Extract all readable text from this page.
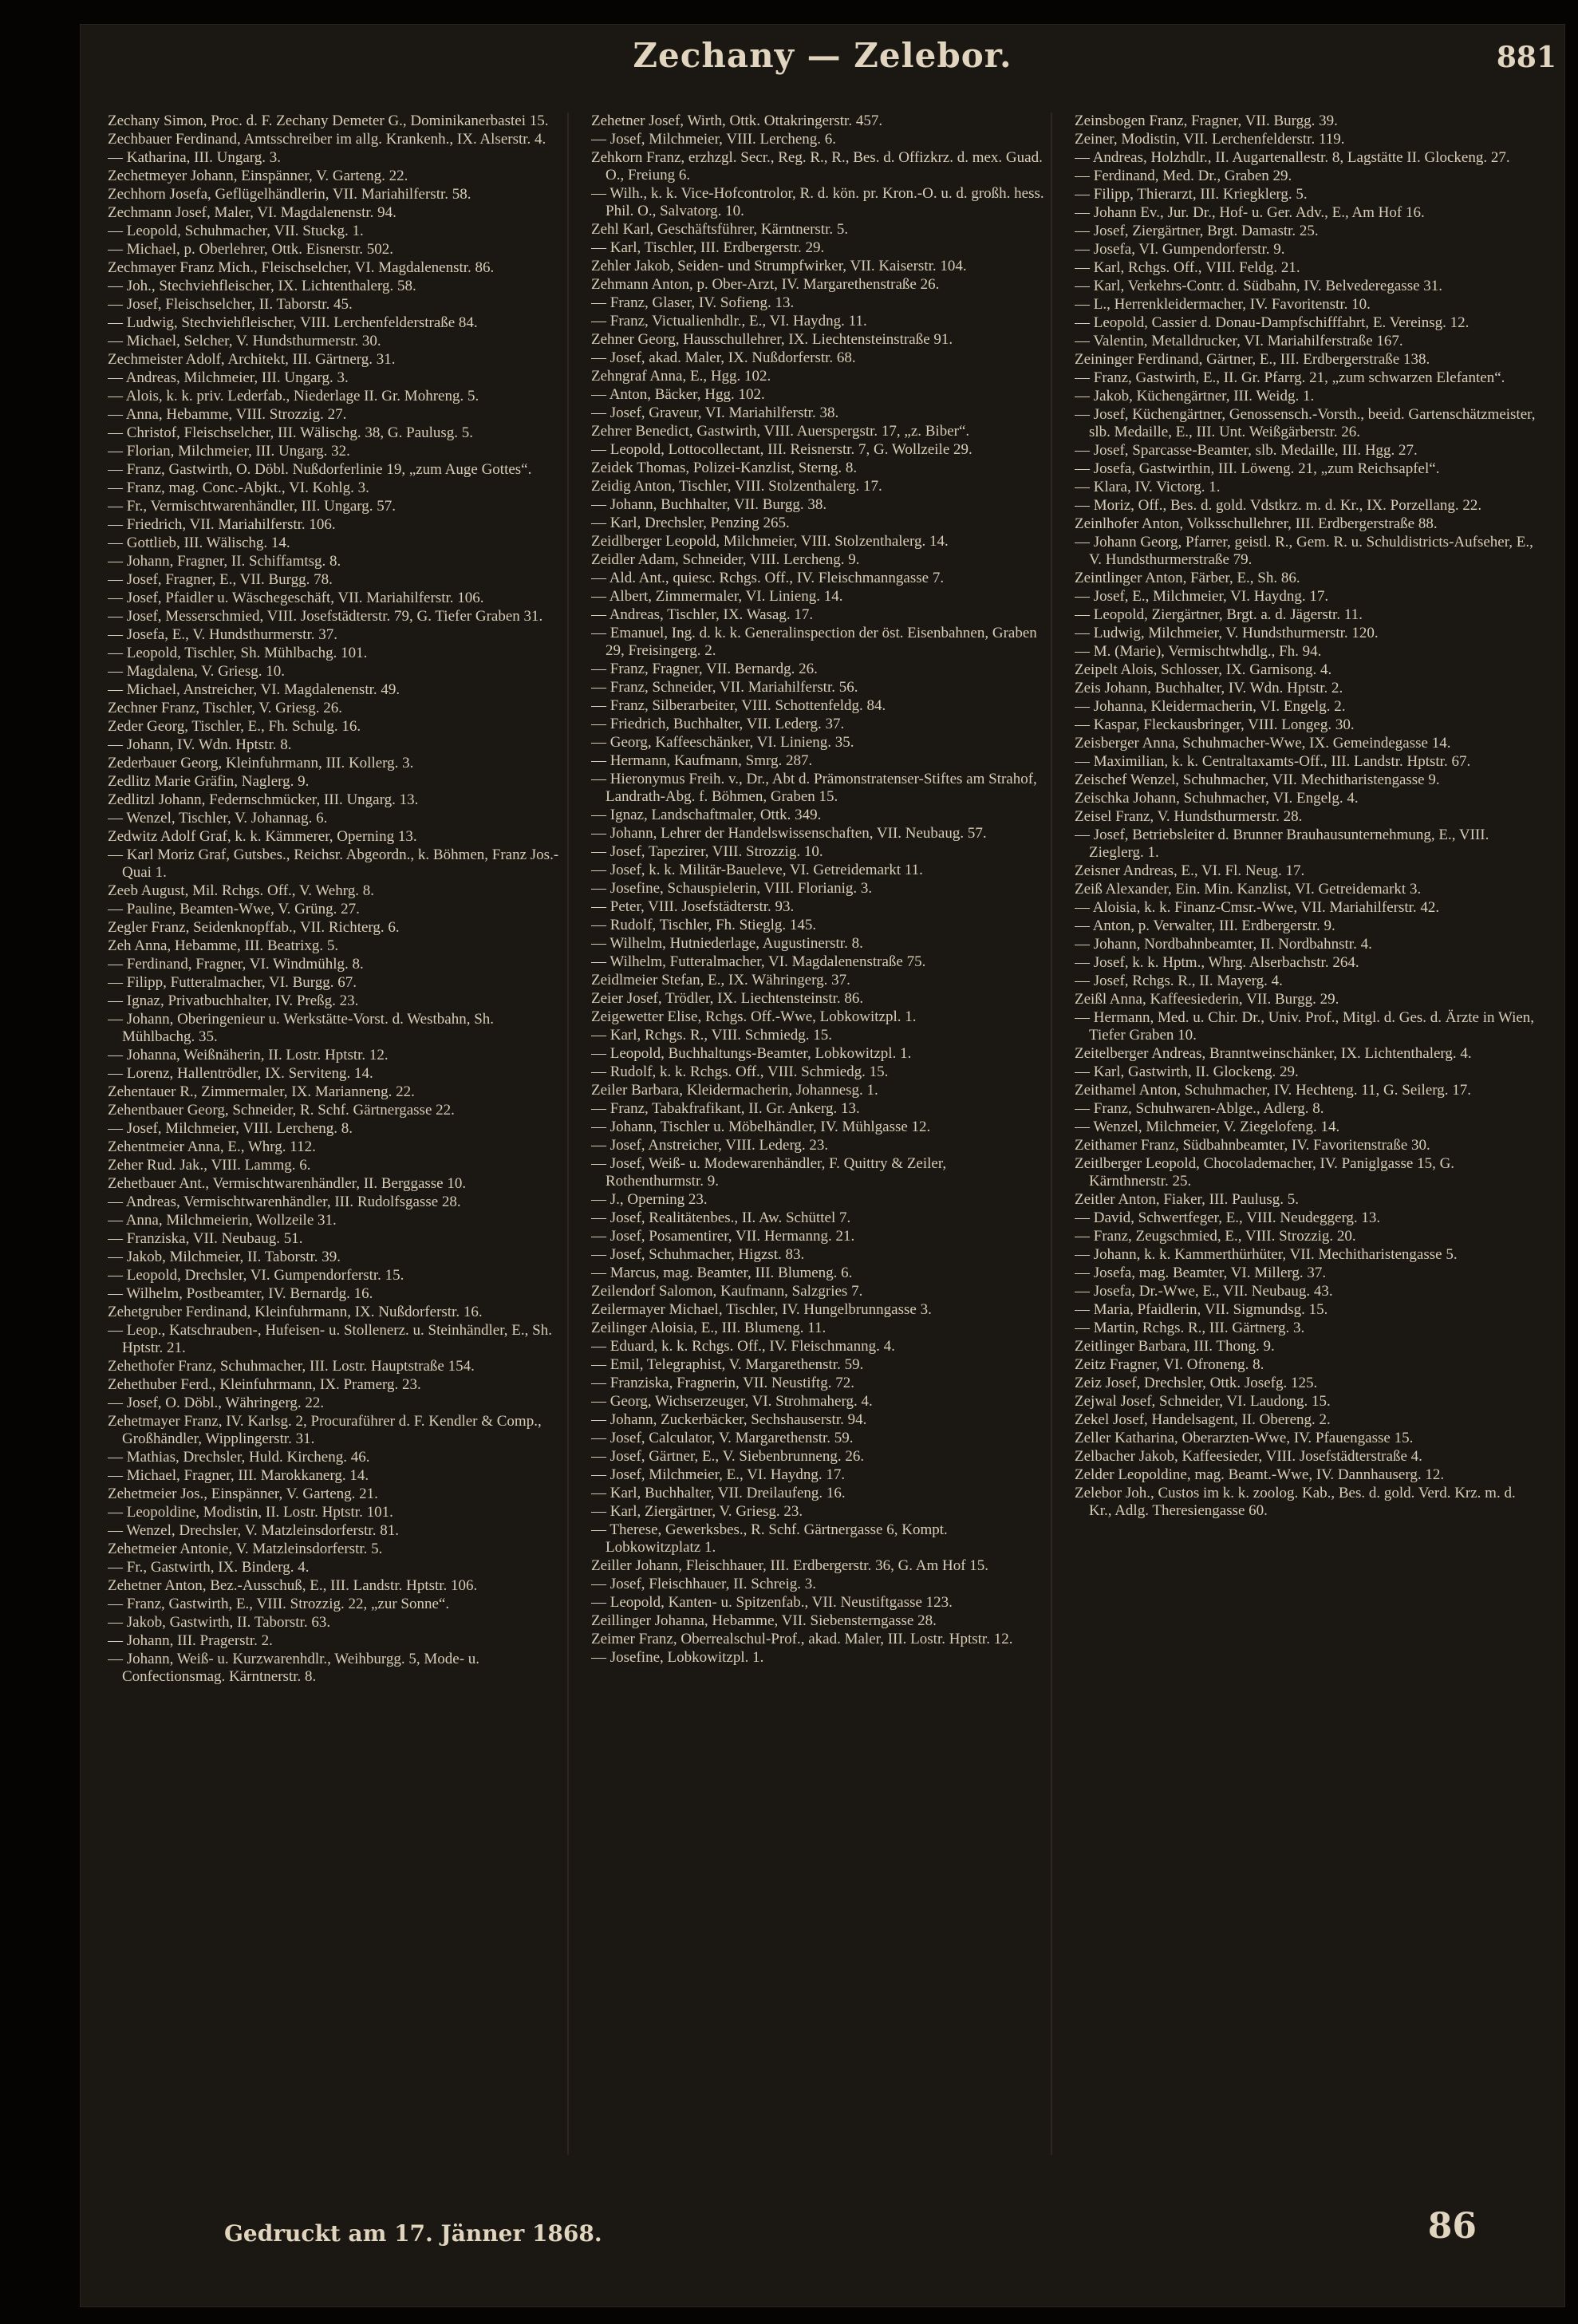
Zechany — Zelebor.	881
Zechany Simon, Proc. d. F. Zechany Demeter G., Dominikanerbastei 15.
Zechbauer Ferdinand, Amtsschreiber im allg. Krankenh., IX. Alserstr. 4.
— Katharina, III. Ungarg. 3.
Zechetmeyer Johann, Einspänner, V. Garteng. 22.
Zechhorn Josefa, Geflügelhändlerin, VII. Mariahilferstr. 58.
Zechmann Josef, Maler, VI. Magdalenenstr. 94.
— Leopold, Schuhmacher, VII. Stuckg. 1.
— Michael, p. Oberlehrer, Ottk. Eisnerstr. 502.
Zechmayer Franz Mich., Fleischselcher, VI. Magdalenenstr. 86.
— Joh., Stechviehfleischer, IX. Lichtenthalerg. 58.
— Josef, Fleischselcher, II. Taborstr. 45.
— Ludwig, Stechviehfleischer, VIII. Lerchenfelderstraße 84.
— Michael, Selcher, V. Hundsthurmerstr. 30.
Zechmeister Adolf, Architekt, III. Gärtnerg. 31.
— Andreas, Milchmeier, III. Ungarg. 3.
— Alois, k. k. priv. Lederfab., Niederlage II. Gr. Mohreng. 5.
— Anna, Hebamme, VIII. Strozzig. 27.
— Christof, Fleischselcher, III. Wälischg. 38, G. Paulusg. 5.
— Florian, Milchmeier, III. Ungarg. 32.
— Franz, Gastwirth, O. Döbl. Nußdorferlinie 19, „zum Auge Gottes“.
— Franz, mag. Conc.-Abjkt., VI. Kohlg. 3.
— Fr., Vermischtwarenhändler, III. Ungarg. 57.
— Friedrich, VII. Mariahilferstr. 106.
— Gottlieb, III. Wälischg. 14.
— Johann, Fragner, II. Schiffamtsg. 8.
— Josef, Fragner, E., VII. Burgg. 78.
— Josef, Pfaidler u. Wäschegeschäft, VII. Mariahilferstr. 106.
— Josef, Messerschmied, VIII. Josefstädterstr. 79, G. Tiefer Graben 31.
— Josefa, E., V. Hundsthurmerstr. 37.
— Leopold, Tischler, Sh. Mühlbachg. 101.
— Magdalena, V. Griesg. 10.
— Michael, Anstreicher, VI. Magdalenenstr. 49.
Zechner Franz, Tischler, V. Griesg. 26.
Zeder Georg, Tischler, E., Fh. Schulg. 16.
— Johann, IV. Wdn. Hptstr. 8.
Zederbauer Georg, Kleinfuhrmann, III. Kollerg. 3.
Zedlitz Marie Gräfin, Naglerg. 9.
Zedlitzl Johann, Federnschmücker, III. Ungarg. 13.
— Wenzel, Tischler, V. Johannag. 6.
Zedwitz Adolf Graf, k. k. Kämmerer, Operning 13.
— Karl Moriz Graf, Gutsbes., Reichsr. Abgeordn., k. Böhmen, Franz Jos.-Quai 1.
Zeeb August, Mil. Rchgs. Off., V. Wehrg. 8.
— Pauline, Beamten-Wwe, V. Grüng. 27.
Zegler Franz, Seidenknopffab., VII. Richterg. 6.
Zeh Anna, Hebamme, III. Beatrixg. 5.
— Ferdinand, Fragner, VI. Windmühlg. 8.
— Filipp, Futteralmacher, VI. Burgg. 67.
— Ignaz, Privatbuchhalter, IV. Preßg. 23.
— Johann, Oberingenieur u. Werkstätte-Vorst. d. Westbahn, Sh. Mühlbachg. 35.
— Johanna, Weißnäherin, II. Lostr. Hptstr. 12.
— Lorenz, Hallentrödler, IX. Serviteng. 14.
Zehentauer R., Zimmermaler, IX. Marianneng. 22.
Zehentbauer Georg, Schneider, R. Schf. Gärtnergasse 22.
— Josef, Milchmeier, VIII. Lercheng. 8.
Zehentmeier Anna, E., Whrg. 112.
Zeher Rud. Jak., VIII. Lammg. 6.
Zehetbauer Ant., Vermischtwarenhändler, II. Berggasse 10.
— Andreas, Vermischtwarenhändler, III. Rudolfsgasse 28.
— Anna, Milchmeierin, Wollzeile 31.
— Franziska, VII. Neubaug. 51.
— Jakob, Milchmeier, II. Taborstr. 39.
— Leopold, Drechsler, VI. Gumpendorferstr. 15.
— Wilhelm, Postbeamter, IV. Bernardg. 16.
Zehetgruber Ferdinand, Kleinfuhrmann, IX. Nußdorferstr. 16.
— Leop., Katschrauben-, Hufeisen- u. Stollenerz. u. Steinhändler, E., Sh. Hptstr. 21.
Zehethofer Franz, Schuhmacher, III. Lostr. Hauptstraße 154.
Zehethuber Ferd., Kleinfuhrmann, IX. Pramerg. 23.
— Josef, O. Döbl., Währingerg. 22.
Zehetmayer Franz, IV. Karlsg. 2, Procuraführer d. F. Kendler & Comp., Großhändler, Wipplingerstr. 31.
— Mathias, Drechsler, Huld. Kircheng. 46.
— Michael, Fragner, III. Marokkanerg. 14.
Zehetmeier Jos., Einspänner, V. Garteng. 21.
— Leopoldine, Modistin, II. Lostr. Hptstr. 101.
— Wenzel, Drechsler, V. Matzleinsdorferstr. 81.
Zehetmeier Antonie, V. Matzleinsdorferstr. 5.
— Fr., Gastwirth, IX. Binderg. 4.
Zehetner Anton, Bez.-Ausschuß, E., III. Landstr. Hptstr. 106.
— Franz, Gastwirth, E., VIII. Strozzig. 22, „zur Sonne“.
— Jakob, Gastwirth, II. Taborstr. 63.
— Johann, III. Pragerstr. 2.
— Johann, Weiß- u. Kurzwarenhdlr., Weihburgg. 5, Mode- u. Confectionsmag. Kärntnerstr. 8.
Zehetner Josef, Wirth, Ottk. Ottakringerstr. 457.
— Josef, Milchmeier, VIII. Lercheng. 6.
Zehkorn Franz, erzhzgl. Secr., Reg. R., R., Bes. d. Offizkrz. d. mex. Guad. O., Freiung 6.
— Wilh., k. k. Vice-Hofcontrolor, R. d. kön. pr. Kron.-O. u. d. großh. hess. Phil. O., Salvatorg. 10.
Zehl Karl, Geschäftsführer, Kärntnerstr. 5.
— Karl, Tischler, III. Erdbergerstr. 29.
Zehler Jakob, Seiden- und Strumpfwirker, VII. Kaiserstr. 104.
Zehmann Anton, p. Ober-Arzt, IV. Margarethenstraße 26.
— Franz, Glaser, IV. Sofieng. 13.
— Franz, Victualienhdlr., E., VI. Haydng. 11.
Zehner Georg, Hausschullehrer, IX. Liechtensteinstraße 91.
— Josef, akad. Maler, IX. Nußdorferstr. 68.
Zehngraf Anna, E., Hgg. 102.
— Anton, Bäcker, Hgg. 102.
— Josef, Graveur, VI. Mariahilferstr. 38.
Zehrer Benedict, Gastwirth, VIII. Auerspergstr. 17, „z. Biber“.
— Leopold, Lottocollectant, III. Reisnerstr. 7, G. Wollzeile 29.
Zeidek Thomas, Polizei-Kanzlist, Sterng. 8.
Zeidig Anton, Tischler, VIII. Stolzenthalerg. 17.
— Johann, Buchhalter, VII. Burgg. 38.
— Karl, Drechsler, Penzing 265.
Zeidlberger Leopold, Milchmeier, VIII. Stolzenthalerg. 14.
Zeidler Adam, Schneider, VIII. Lercheng. 9.
— Ald. Ant., quiesc. Rchgs. Off., IV. Fleischmanngasse 7.
— Albert, Zimmermaler, VI. Linieng. 14.
— Andreas, Tischler, IX. Wasag. 17.
— Emanuel, Ing. d. k. k. Generalinspection der öst. Eisenbahnen, Graben 29, Freisingerg. 2.
— Franz, Fragner, VII. Bernardg. 26.
— Franz, Schneider, VII. Mariahilferstr. 56.
— Franz, Silberarbeiter, VIII. Schottenfeldg. 84.
— Friedrich, Buchhalter, VII. Lederg. 37.
— Georg, Kaffeeschänker, VI. Linieng. 35.
— Hermann, Kaufmann, Smrg. 287.
— Hieronymus Freih. v., Dr., Abt d. Prämonstratenser-Stiftes am Strahof, Landrath-Abg. f. Böhmen, Graben 15.
— Ignaz, Landschaftmaler, Ottk. 349.
— Johann, Lehrer der Handelswissenschaften, VII. Neubaug. 57.
— Josef, Tapezirer, VIII. Strozzig. 10.
— Josef, k. k. Militär-Baueleve, VI. Getreidemarkt 11.
— Josefine, Schauspielerin, VIII. Florianig. 3.
— Peter, VIII. Josefstädterstr. 93.
— Rudolf, Tischler, Fh. Stieglg. 145.
— Wilhelm, Hutniederlage, Augustinerstr. 8.
— Wilhelm, Futteralmacher, VI. Magdalenenstraße 75.
Zeidlmeier Stefan, E., IX. Währingerg. 37.
Zeier Josef, Trödler, IX. Liechtensteinstr. 86.
Zeigewetter Elise, Rchgs. Off.-Wwe, Lobkowitzpl. 1.
— Karl, Rchgs. R., VIII. Schmiedg. 15.
— Leopold, Buchhaltungs-Beamter, Lobkowitzpl. 1.
— Rudolf, k. k. Rchgs. Off., VIII. Schmiedg. 15.
Zeiler Barbara, Kleidermacherin, Johannesg. 1.
— Franz, Tabakfrafikant, II. Gr. Ankerg. 13.
— Johann, Tischler u. Möbelhändler, IV. Mühlgasse 12.
— Josef, Anstreicher, VIII. Lederg. 23.
— Josef, Weiß- u. Modewarenhändler, F. Quittry & Zeiler, Rothenthurmstr. 9.
— J., Operning 23.
— Josef, Realitätenbes., II. Aw. Schüttel 7.
— Josef, Posamentirer, VII. Hermanng. 21.
— Josef, Schuhmacher, Higzst. 83.
— Marcus, mag. Beamter, III. Blumeng. 6.
Zeilendorf Salomon, Kaufmann, Salzgries 7.
Zeilermayer Michael, Tischler, IV. Hungelbrunngasse 3.
Zeilinger Aloisia, E., III. Blumeng. 11.
— Eduard, k. k. Rchgs. Off., IV. Fleischmanng. 4.
— Emil, Telegraphist, V. Margarethenstr. 59.
— Franziska, Fragnerin, VII. Neustiftg. 72.
— Georg, Wichserzeuger, VI. Strohmaherg. 4.
— Johann, Zuckerbäcker, Sechshauserstr. 94.
— Josef, Calculator, V. Margarethenstr. 59.
— Josef, Gärtner, E., V. Siebenbrunneng. 26.
— Josef, Milchmeier, E., VI. Haydng. 17.
— Karl, Buchhalter, VII. Dreilaufeng. 16.
— Karl, Ziergärtner, V. Griesg. 23.
— Therese, Gewerksbes., R. Schf. Gärtnergasse 6, Kompt. Lobkowitzplatz 1.
Zeiller Johann, Fleischhauer, III. Erdbergerstr. 36, G. Am Hof 15.
— Josef, Fleischhauer, II. Schreig. 3.
— Leopold, Kanten- u. Spitzenfab., VII. Neustiftgasse 123.
Zeillinger Johanna, Hebamme, VII. Siebensterngasse 28.
Zeimer Franz, Oberrealschul-Prof., akad. Maler, III. Lostr. Hptstr. 12.
— Josefine, Lobkowitzpl. 1.
Zeinsbogen Franz, Fragner, VII. Burgg. 39.
Zeiner, Modistin, VII. Lerchenfelderstr. 119.
— Andreas, Holzhdlr., II. Augartenallestr. 8, Lagstätte II. Glockeng. 27.
— Ferdinand, Med. Dr., Graben 29.
— Filipp, Thierarzt, III. Kriegklerg. 5.
— Johann Ev., Jur. Dr., Hof- u. Ger. Adv., E., Am Hof 16.
— Josef, Ziergärtner, Brgt. Damastr. 25.
— Josefa, VI. Gumpendorferstr. 9.
— Karl, Rchgs. Off., VIII. Feldg. 21.
— Karl, Verkehrs-Contr. d. Südbahn, IV. Belvederegasse 31.
— L., Herrenkleidermacher, IV. Favoritenstr. 10.
— Leopold, Cassier d. Donau-Dampfschifffahrt, E. Vereinsg. 12.
— Valentin, Metalldrucker, VI. Mariahilferstraße 167.
Zeininger Ferdinand, Gärtner, E., III. Erdbergerstraße 138.
— Franz, Gastwirth, E., II. Gr. Pfarrg. 21, „zum schwarzen Elefanten“.
— Jakob, Küchengärtner, III. Weidg. 1.
— Josef, Küchengärtner, Genossensch.-Vorsth., beeid. Gartenschätzmeister, slb. Medaille, E., III. Unt. Weißgärberstr. 26.
— Josef, Sparcasse-Beamter, slb. Medaille, III. Hgg. 27.
— Josefa, Gastwirthin, III. Löweng. 21, „zum Reichsapfel“.
— Klara, IV. Victorg. 1.
— Moriz, Off., Bes. d. gold. Vdstkrz. m. d. Kr., IX. Porzellang. 22.
Zeinlhofer Anton, Volksschullehrer, III. Erdbergerstraße 88.
— Johann Georg, Pfarrer, geistl. R., Gem. R. u. Schuldistricts-Aufseher, E., V. Hundsthurmerstraße 79.
Zeintlinger Anton, Färber, E., Sh. 86.
— Josef, E., Milchmeier, VI. Haydng. 17.
— Leopold, Ziergärtner, Brgt. a. d. Jägerstr. 11.
— Ludwig, Milchmeier, V. Hundsthurmerstr. 120.
— M. (Marie), Vermischtwhdlg., Fh. 94.
Zeipelt Alois, Schlosser, IX. Garnisong. 4.
Zeis Johann, Buchhalter, IV. Wdn. Hptstr. 2.
— Johanna, Kleidermacherin, VI. Engelg. 2.
— Kaspar, Fleckausbringer, VIII. Longeg. 30.
Zeisberger Anna, Schuhmacher-Wwe, IX. Gemeindegasse 14.
— Maximilian, k. k. Centraltaxamts-Off., III. Landstr. Hptstr. 67.
Zeischef Wenzel, Schuhmacher, VII. Mechitharistengasse 9.
Zeischka Johann, Schuhmacher, VI. Engelg. 4.
Zeisel Franz, V. Hundsthurmerstr. 28.
— Josef, Betriebsleiter d. Brunner Brauhausunternehmung, E., VIII. Zieglerg. 1.
Zeisner Andreas, E., VI. Fl. Neug. 17.
Zeiß Alexander, Ein. Min. Kanzlist, VI. Getreidemarkt 3.
— Aloisia, k. k. Finanz-Cmsr.-Wwe, VII. Mariahilferstr. 42.
— Anton, p. Verwalter, III. Erdbergerstr. 9.
— Johann, Nordbahnbeamter, II. Nordbahnstr. 4.
— Josef, k. k. Hptm., Whrg. Alserbachstr. 264.
— Josef, Rchgs. R., II. Mayerg. 4.
Zeißl Anna, Kaffeesiederin, VII. Burgg. 29.
— Hermann, Med. u. Chir. Dr., Univ. Prof., Mitgl. d. Ges. d. Ärzte in Wien, Tiefer Graben 10.
Zeitelberger Andreas, Branntweinschänker, IX. Lichtenthalerg. 4.
— Karl, Gastwirth, II. Glockeng. 29.
Zeithamel Anton, Schuhmacher, IV. Hechteng. 11, G. Seilerg. 17.
— Franz, Schuhwaren-Ablge., Adlerg. 8.
— Wenzel, Milchmeier, V. Ziegelofeng. 14.
Zeithamer Franz, Südbahnbeamter, IV. Favoritenstraße 30.
Zeitlberger Leopold, Chocolademacher, IV. Paniglgasse 15, G. Kärnthnerstr. 25.
Zeitler Anton, Fiaker, III. Paulusg. 5.
— David, Schwertfeger, E., VIII. Neudeggerg. 13.
— Franz, Zeugschmied, E., VIII. Strozzig. 20.
— Johann, k. k. Kammerthürhüter, VII. Mechitharistengasse 5.
— Josefa, mag. Beamter, VI. Millerg. 37.
— Josefa, Dr.-Wwe, E., VII. Neubaug. 43.
— Maria, Pfaidlerin, VII. Sigmundsg. 15.
— Martin, Rchgs. R., III. Gärtnerg. 3.
Zeitlinger Barbara, III. Thong. 9.
Zeitz Fragner, VI. Ofroneng. 8.
Zeiz Josef, Drechsler, Ottk. Josefg. 125.
Zejwal Josef, Schneider, VI. Laudong. 15.
Zekel Josef, Handelsagent, II. Obereng. 2.
Zeller Katharina, Oberarzten-Wwe, IV. Pfauengasse 15.
Zelbacher Jakob, Kaffeesieder, VIII. Josefstädterstraße 4.
Zelder Leopoldine, mag. Beamt.-Wwe, IV. Dannhauserg. 12.
Zelebor Joh., Custos im k. k. zoolog. Kab., Bes. d. gold. Verd. Krz. m. d. Kr., Adlg. Theresiengasse 60.
Gedruckt am 17. Jänner 1868.	86
